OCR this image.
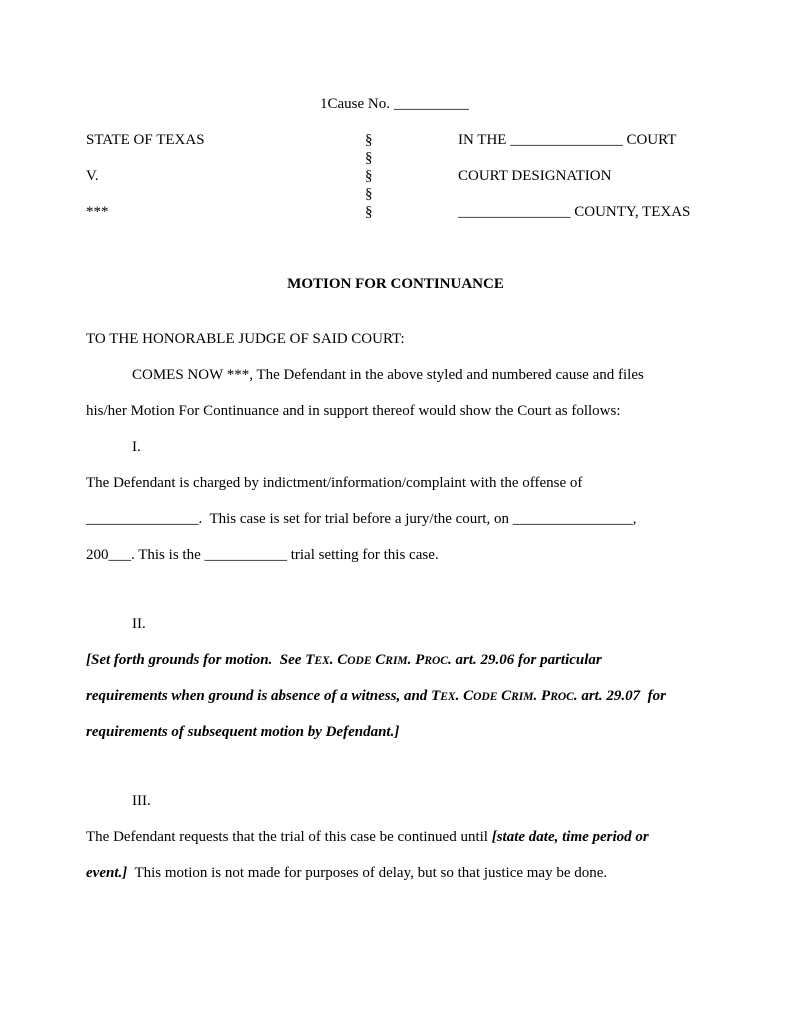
1Cause No. __________
STATE OF TEXAS
V.
***
§
§
§
§
§
IN THE _______________ COURT
COURT DESIGNATION
_______________ COUNTY, TEXAS
MOTION FOR CONTINUANCE
TO THE HONORABLE JUDGE OF SAID COURT:
COMES NOW ***, The Defendant in the above styled and numbered cause and files
his/her Motion For Continuance and in support thereof would show the Court as follows:
I.
The Defendant is charged by indictment/information/complaint with the offense of
_______________.  This case is set for trial before a jury/the court, on ________________,
200___. This is the ___________ trial setting for this case.
II.
[Set forth grounds for motion.  See TEX. CODE CRIM. PROC. art. 29.06 for particular
requirements when ground is absence of a witness, and TEX. CODE CRIM. PROC. art. 29.07  for
requirements of subsequent motion by Defendant.]
III.
The Defendant requests that the trial of this case be continued until [state date, time period or
event.]  This motion is not made for purposes of delay, but so that justice may be done.
